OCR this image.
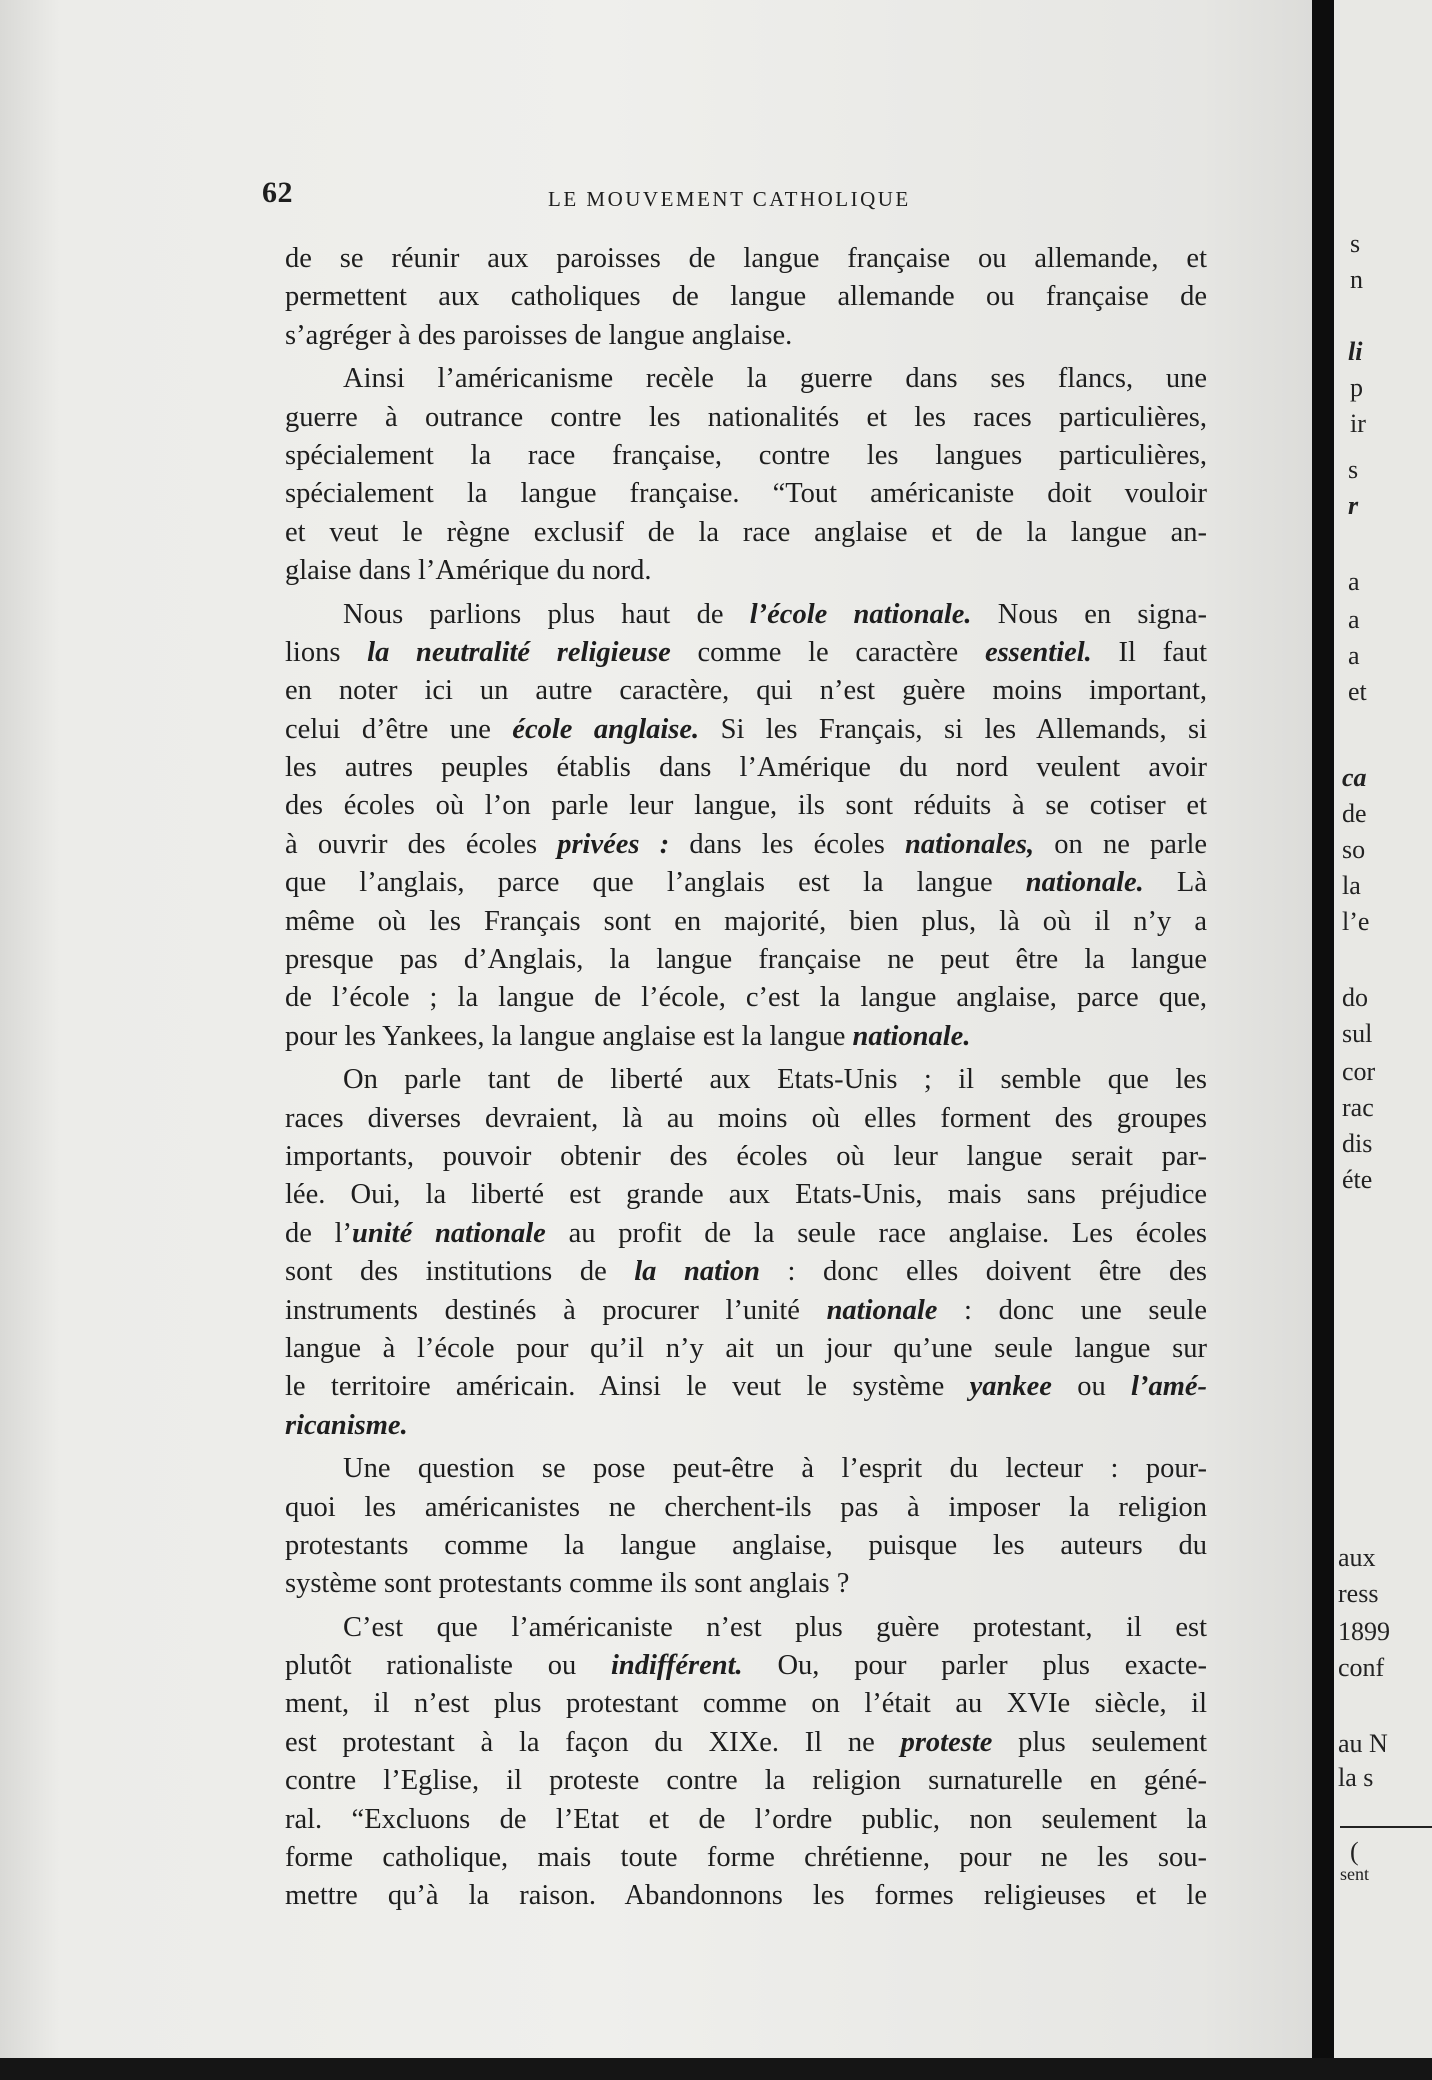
62	LE MOUVEMENT CATHOLIQUE
de se réunir aux paroisses de langue française ou allemande, et
permettent aux catholiques de langue allemande ou française de
s’agréger à des paroisses de langue anglaise.
Ainsi l’américanisme recèle la guerre dans ses flancs, une
guerre à outrance contre les nationalités et les races particulières,
spécialement la race française, contre les langues particulières,
spécialement la langue française. “Tout américaniste doit vouloir
et veut le règne exclusif de la race anglaise et de la langue an-
glaise dans l’Amérique du nord.
Nous parlions plus haut de l’école nationale. Nous en signa-
lions la neutralité religieuse comme le caractère essentiel. Il faut
en noter ici un autre caractère, qui n’est guère moins important,
celui d’être une école anglaise. Si les Français, si les Allemands, si
les autres peuples établis dans l’Amérique du nord veulent avoir
des écoles où l’on parle leur langue, ils sont réduits à se cotiser et
à ouvrir des écoles privées : dans les écoles nationales, on ne parle
que l’anglais, parce que l’anglais est la langue nationale. Là
même où les Français sont en majorité, bien plus, là où il n’y a
presque pas d’Anglais, la langue française ne peut être la langue
de l’école ; la langue de l’école, c’est la langue anglaise, parce que,
pour les Yankees, la langue anglaise est la langue nationale.
On parle tant de liberté aux Etats-Unis ; il semble que les
races diverses devraient, là au moins où elles forment des groupes
importants, pouvoir obtenir des écoles où leur langue serait par-
lée. Oui, la liberté est grande aux Etats-Unis, mais sans préjudice
de l’unité nationale au profit de la seule race anglaise. Les écoles
sont des institutions de la nation : donc elles doivent être des
instruments destinés à procurer l’unité nationale : donc une seule
langue à l’école pour qu’il n’y ait un jour qu’une seule langue sur
le territoire américain. Ainsi le veut le système yankee ou l’amé-
ricanisme.
Une question se pose peut-être à l’esprit du lecteur : pour-
quoi les américanistes ne cherchent-ils pas à imposer la religion
protestants comme la langue anglaise, puisque les auteurs du
système sont protestants comme ils sont anglais ?
C’est que l’américaniste n’est plus guère protestant, il est
plutôt rationaliste ou indifférent. Ou, pour parler plus exacte-
ment, il n’est plus protestant comme on l’était au XVIe siècle, il
est protestant à la façon du XIXe. Il ne proteste plus seulement
contre l’Eglise, il proteste contre la religion surnaturelle en géné-
ral. “Excluons de l’Etat et de l’ordre public, non seulement la
forme catholique, mais toute forme chrétienne, pour ne les sou-
mettre qu’à la raison. Abandonnons les formes religieuses et le
s
n
li
p
ir
s
r
a
a
a
et
ca
de
so
la
l’e
do
sul
cor
rac
dis
éte
aux
ress
1899
conf
au N
la s
(
sent
